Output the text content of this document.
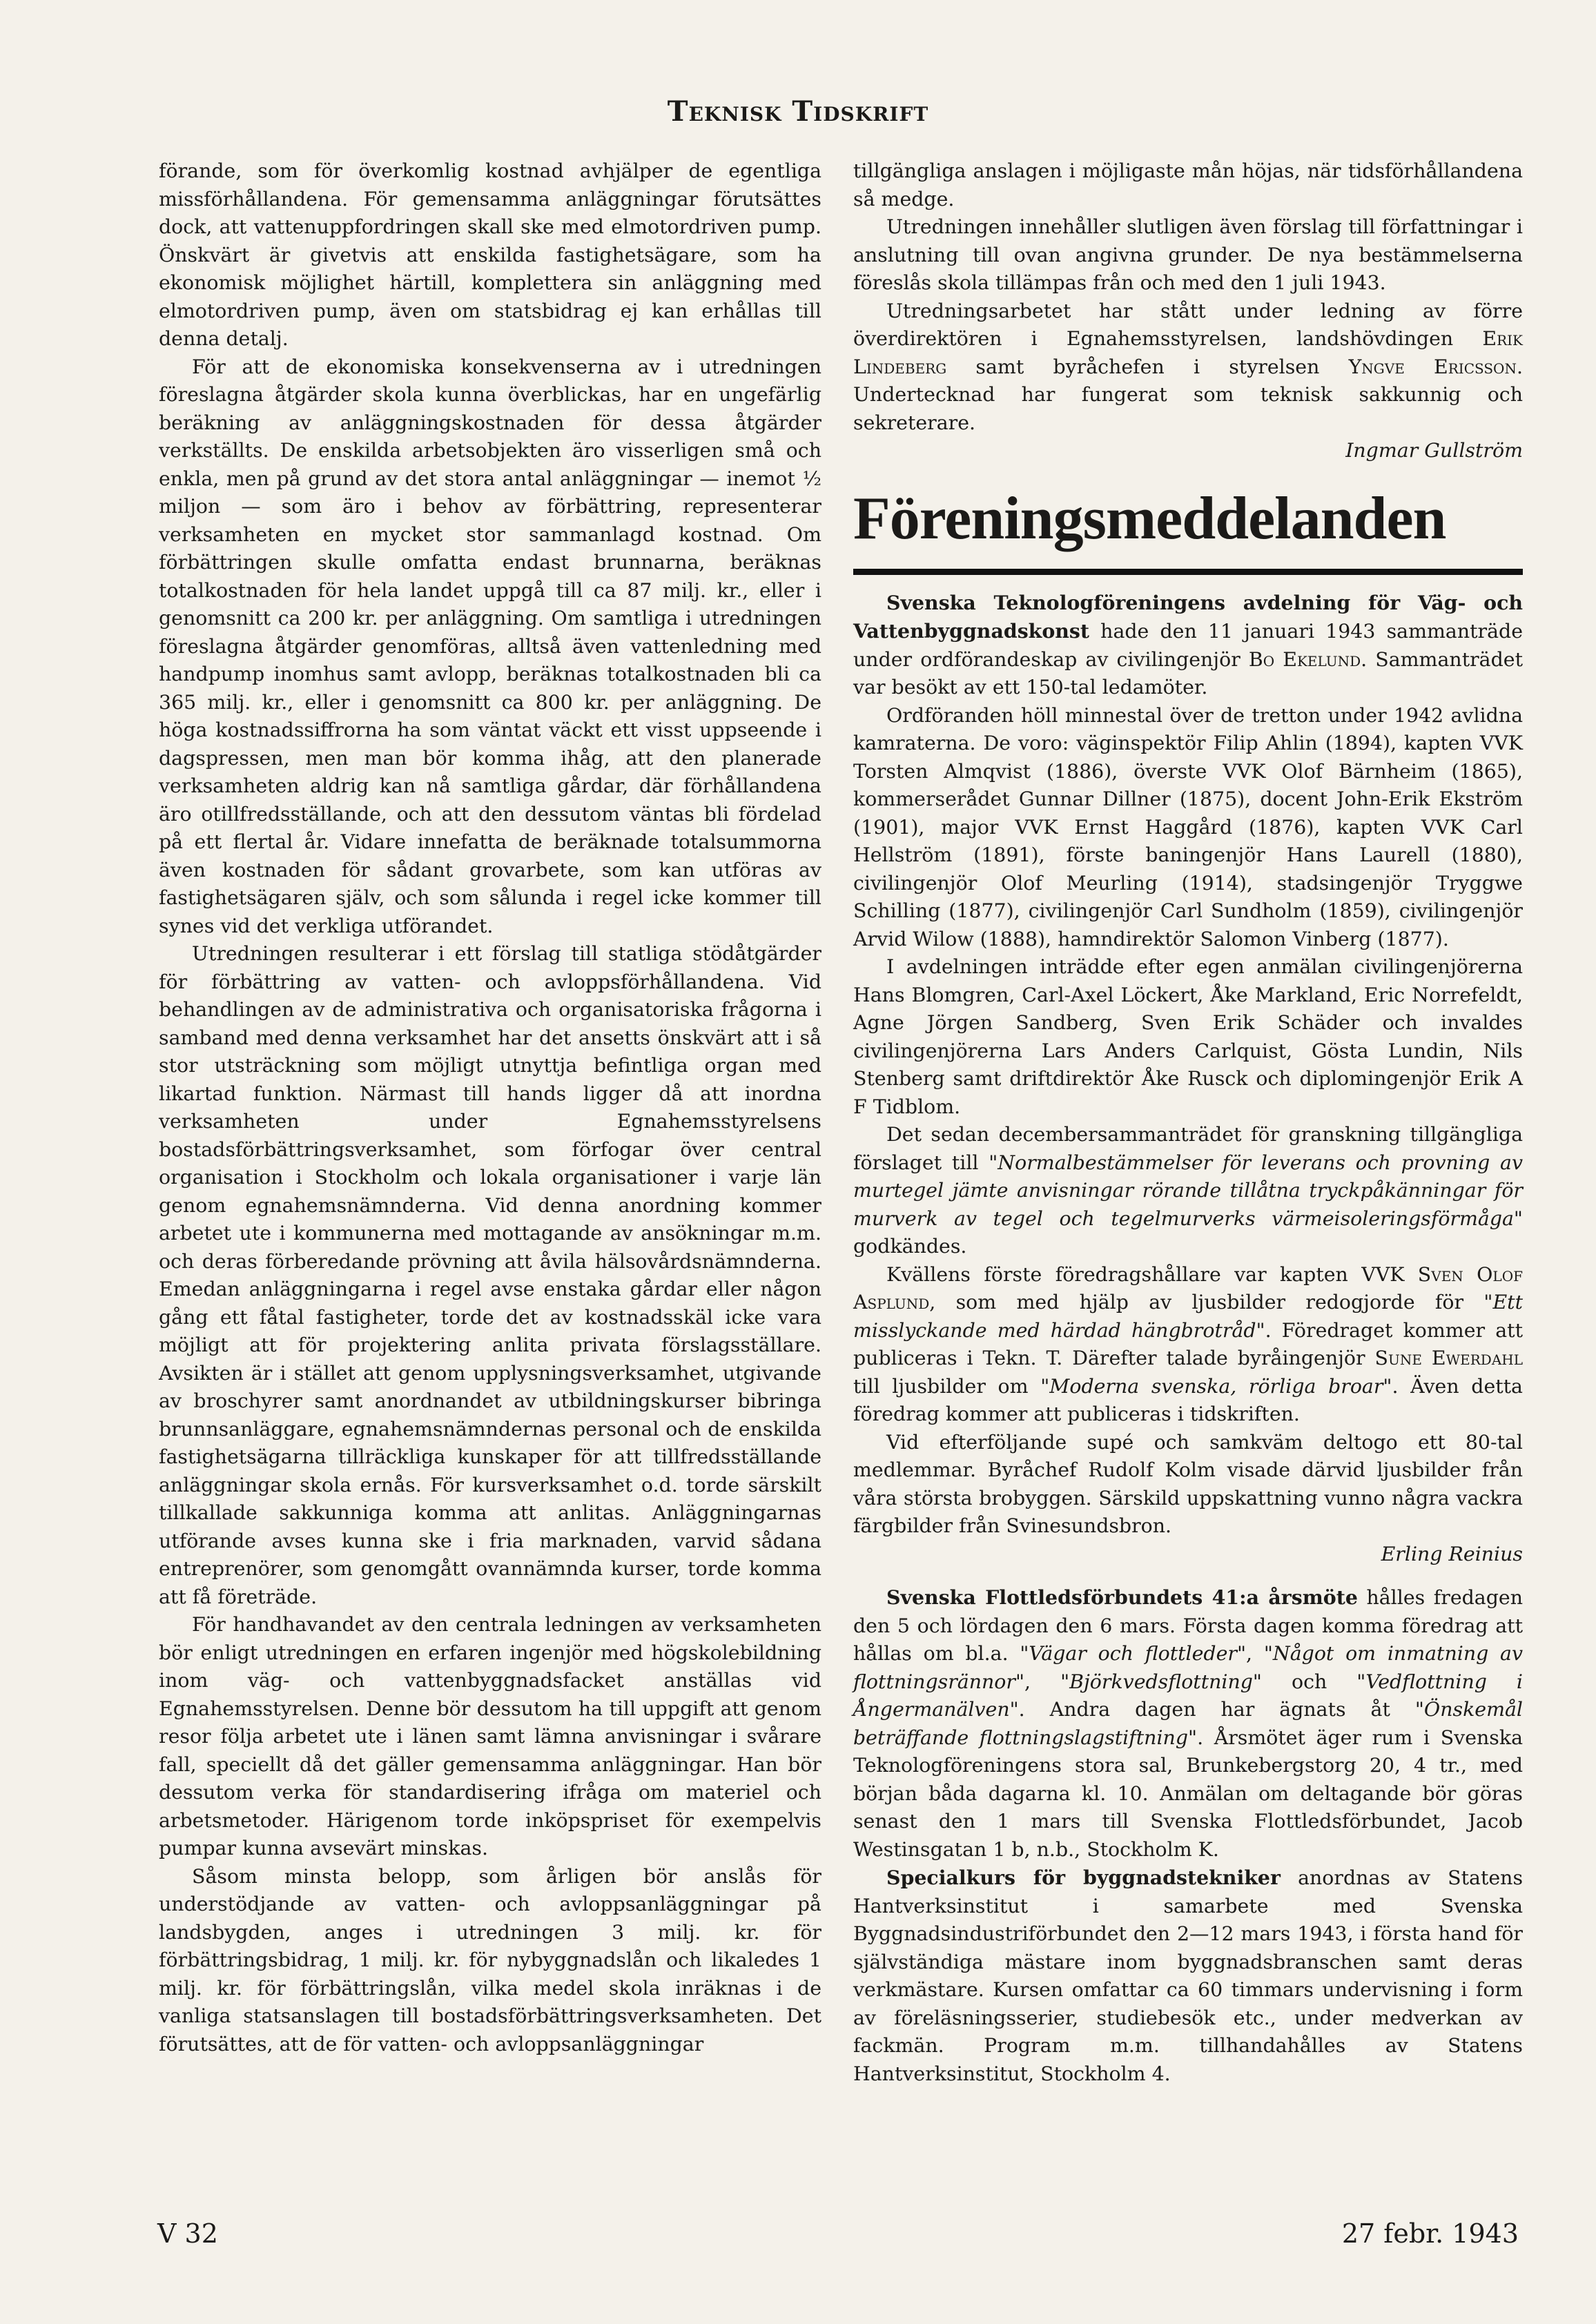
Teknisk Tidskrift

förande, som för överkomlig kostnad avhjälper de egentliga missförhållandena. För gemensamma anläggningar förutsättes dock, att vattenuppfordringen skall ske med elmotordriven pump. Önskvärt är givetvis att enskilda fastighetsägare, som ha ekonomisk möjlighet härtill, komplettera sin anläggning med elmotordriven pump, även om statsbidrag ej kan erhållas till denna detalj.

För att de ekonomiska konsekvenserna av i utredningen föreslagna åtgärder skola kunna överblickas, har en ungefärlig beräkning av anläggningskostnaden för dessa åtgärder verkställts. De enskilda arbetsobjekten äro visserligen små och enkla, men på grund av det stora antal anläggningar — inemot ½ miljon — som äro i behov av förbättring, representerar verksamheten en mycket stor sammanlagd kostnad. Om förbättringen skulle omfatta endast brunnarna, beräknas totalkostnaden för hela landet uppgå till ca 87 milj. kr., eller i genomsnitt ca 200 kr. per anläggning. Om samtliga i utredningen föreslagna åtgärder genomföras, alltså även vattenledning med handpump inomhus samt avlopp, beräknas totalkostnaden bli ca 365 milj. kr., eller i genomsnitt ca 800 kr. per anläggning. De höga kostnadssiffrorna ha som väntat väckt ett visst uppseende i dagspressen, men man bör komma ihåg, att den planerade verksamheten aldrig kan nå samtliga gårdar, där förhållandena äro otillfredsställande, och att den dessutom väntas bli fördelad på ett flertal år. Vidare innefatta de beräknade totalsummorna även kostnaden för sådant grovarbete, som kan utföras av fastighetsägaren själv, och som sålunda i regel icke kommer till synes vid det verkliga utförandet.

Utredningen resulterar i ett förslag till statliga stödåtgärder för förbättring av vatten- och avloppsförhållandena. Vid behandlingen av de administrativa och organisatoriska frågorna i samband med denna verksamhet har det ansetts önskvärt att i så stor utsträckning som möjligt utnyttja befintliga organ med likartad funktion. Närmast till hands ligger då att inordna verksamheten under Egnahemsstyrelsens bostadsförbättringsverksamhet, som förfogar över central organisation i Stockholm och lokala organisationer i varje län genom egnahemsnämnderna. Vid denna anordning kommer arbetet ute i kommunerna med mottagande av ansökningar m.m. och deras förberedande prövning att åvila hälsovårdsnämnderna. Emedan anläggningarna i regel avse enstaka gårdar eller någon gång ett fåtal fastigheter, torde det av kostnadsskäl icke vara möjligt att för projektering anlita privata förslagsställare. Avsikten är i stället att genom upplysningsverksamhet, utgivande av broschyrer samt anordnandet av utbildningskurser bibringa brunnsanläggare, egnahemsnämndernas personal och de enskilda fastighetsägarna tillräckliga kunskaper för att tillfredsställande anläggningar skola ernås. För kursverksamhet o.d. torde särskilt tillkallade sakkunniga komma att anlitas. Anläggningarnas utförande avses kunna ske i fria marknaden, varvid sådana entreprenörer, som genomgått ovannämnda kurser, torde komma att få företräde.

För handhavandet av den centrala ledningen av verksamheten bör enligt utredningen en erfaren ingenjör med högskolebildning inom väg- och vattenbyggnadsfacket anställas vid Egnahemsstyrelsen. Denne bör dessutom ha till uppgift att genom resor följa arbetet ute i länen samt lämna anvisningar i svårare fall, speciellt då det gäller gemensamma anläggningar. Han bör dessutom verka för standardisering ifråga om materiel och arbetsmetoder. Härigenom torde inköpspriset för exempelvis pumpar kunna avsevärt minskas.

Såsom minsta belopp, som årligen bör anslås för understödjande av vatten- och avloppsanläggningar på landsbygden, anges i utredningen 3 milj. kr. för förbättringsbidrag, 1 milj. kr. för nybyggnadslån och likaledes 1 milj. kr. för förbättringslån, vilka medel skola inräknas i de vanliga statsanslagen till bostadsförbättringsverksamheten. Det förutsättes, att de för vatten- och avloppsanläggningar

tillgängliga anslagen i möjligaste mån höjas, när tidsförhållandena så medge.

Utredningen innehåller slutligen även förslag till författningar i anslutning till ovan angivna grunder. De nya bestämmelserna föreslås skola tillämpas från och med den 1 juli 1943.

Utredningsarbetet har stått under ledning av förre överdirektören i Egnahemsstyrelsen, landshövdingen Erik Lindeberg samt byråchefen i styrelsen Yngve Ericsson. Undertecknad har fungerat som teknisk sakkunnig och sekreterare.

Ingmar Gullström
Föreningsmeddelanden

Svenska Teknologföreningens avdelning för Väg- och Vattenbyggnadskonst hade den 11 januari 1943 sammanträde under ordförandeskap av civilingenjör Bo Ekelund. Sammanträdet var besökt av ett 150-tal ledamöter.

Ordföranden höll minnestal över de tretton under 1942 avlidna kamraterna. De voro: väginspektör Filip Ahlin (1894), kapten VVK Torsten Almqvist (1886), överste VVK Olof Bärnheim (1865), kommerserådet Gunnar Dillner (1875), docent John-Erik Ekström (1901), major VVK Ernst Haggård (1876), kapten VVK Carl Hellström (1891), förste baningenjör Hans Laurell (1880), civilingenjör Olof Meurling (1914), stadsingenjör Tryggwe Schilling (1877), civilingenjör Carl Sundholm (1859), civilingenjör Arvid Wilow (1888), hamndirektör Salomon Vinberg (1877).

I avdelningen inträdde efter egen anmälan civilingenjörerna Hans Blomgren, Carl-Axel Löckert, Åke Markland, Eric Norrefeldt, Agne Jörgen Sandberg, Sven Erik Schäder och invaldes civilingenjörerna Lars Anders Carlquist, Gösta Lundin, Nils Stenberg samt driftdirektör Åke Rusck och diplomingenjör Erik A F Tidblom.

Det sedan decembersammanträdet för granskning tillgängliga förslaget till "Normalbestämmelser för leverans och provning av murtegel jämte anvisningar rörande tillåtna tryckpåkänningar för murverk av tegel och tegelmurverks värmeisoleringsförmåga" godkändes.

Kvällens förste föredragshållare var kapten VVK Sven Olof Asplund, som med hjälp av ljusbilder redogjorde för "Ett misslyckande med härdad hängbrotråd". Föredraget kommer att publiceras i Tekn. T. Därefter talade byråingenjör Sune Ewerdahl till ljusbilder om "Moderna svenska, rörliga broar". Även detta föredrag kommer att publiceras i tidskriften.

Vid efterföljande supé och samkväm deltogo ett 80-tal medlemmar. Byråchef Rudolf Kolm visade därvid ljusbilder från våra största brobyggen. Särskild uppskattning vunno några vackra färgbilder från Svinesundsbron.

Erling Reinius

Svenska Flottledsförbundets 41:a årsmöte hålles fredagen den 5 och lördagen den 6 mars. Första dagen komma föredrag att hållas om bl.a. "Vägar och flottleder", "Något om inmatning av flottningsrännor", "Björkvedsflottning" och "Vedflottning i Ångermanälven". Andra dagen har ägnats åt "Önskemål beträffande flottningslagstiftning". Årsmötet äger rum i Svenska Teknologföreningens stora sal, Brunkebergstorg 20, 4 tr., med början båda dagarna kl. 10. Anmälan om deltagande bör göras senast den 1 mars till Svenska Flottledsförbundet, Jacob Westinsgatan 1 b, n.b., Stockholm K.

Specialkurs för byggnadstekniker anordnas av Statens Hantverksinstitut i samarbete med Svenska Byggnadsindustriförbundet den 2—12 mars 1943, i första hand för självständiga mästare inom byggnadsbranschen samt deras verkmästare. Kursen omfattar ca 60 timmars undervisning i form av föreläsningsserier, studiebesök etc., under medverkan av fackmän. Program m.m. tillhandahålles av Statens Hantverksinstitut, Stockholm 4.

V 32	27 febr. 1943
